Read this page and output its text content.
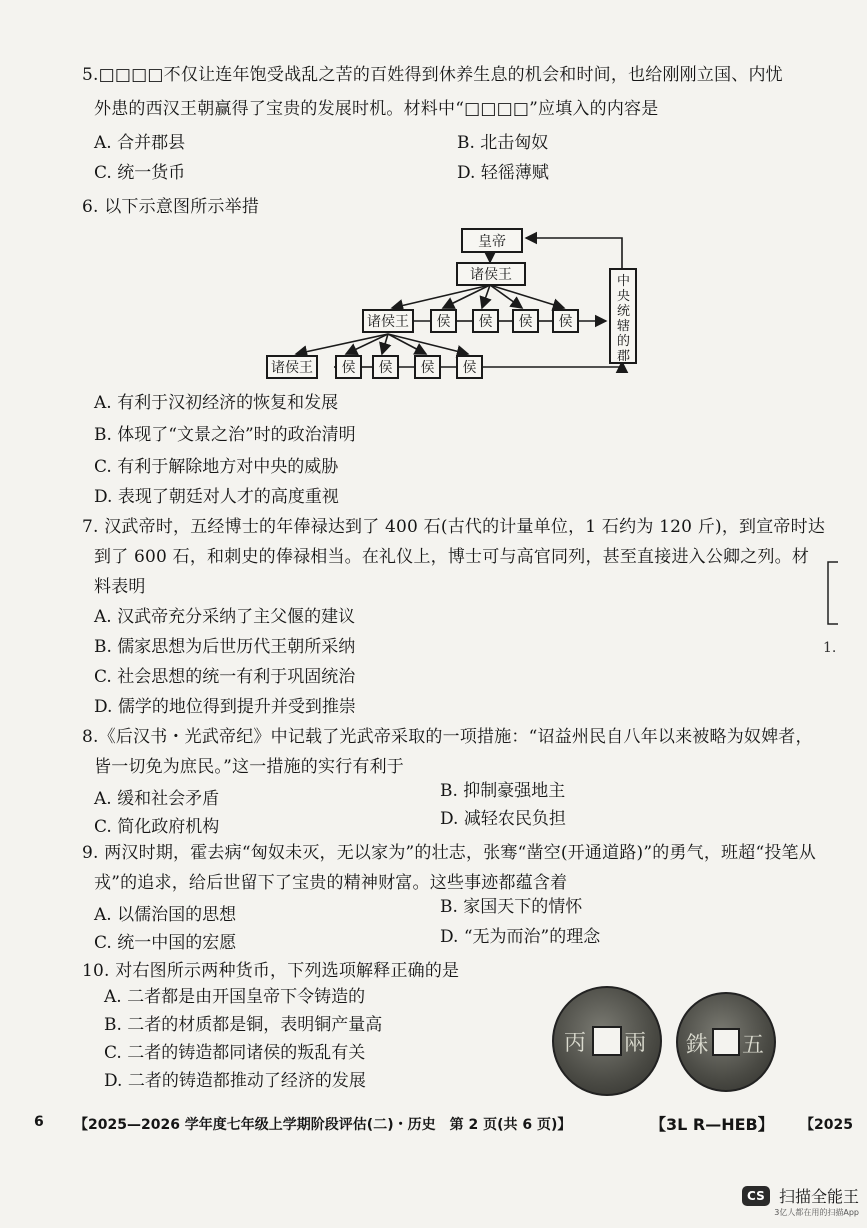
5.□□□□不仅让连年饱受战乱之苦的百姓得到休养生息的机会和时间，也给刚刚立国、内忧
外患的西汉王朝赢得了宝贵的发展时机。材料中“□□□□”应填入的内容是
A. 合并郡县	B. 北击匈奴
C. 统一货币	D. 轻徭薄赋
6. 以下示意图所示举措
皇帝
诸侯王
诸侯王	侯	侯	侯	侯
诸侯王	侯	侯	侯	侯
中央统辖的郡
A. 有利于汉初经济的恢复和发展
B. 体现了“文景之治”时的政治清明
C. 有利于解除地方对中央的威胁
D. 表现了朝廷对人才的高度重视
7. 汉武帝时，五经博士的年俸禄达到了 400 石(古代的计量单位，1 石约为 120 斤)，到宣帝时达
到了 600 石，和刺史的俸禄相当。在礼仪上，博士可与高官同列，甚至直接进入公卿之列。材
料表明
A. 汉武帝充分采纳了主父偃的建议
B. 儒家思想为后世历代王朝所采纳
C. 社会思想的统一有利于巩固统治
D. 儒学的地位得到提升并受到推崇
8.《后汉书・光武帝纪》中记载了光武帝采取的一项措施：“诏益州民自八年以来被略为奴婢者，
皆一切免为庶民。”这一措施的实行有利于
A. 缓和社会矛盾	B. 抑制豪强地主
C. 简化政府机构	D. 减轻农民负担
9. 两汉时期，霍去病“匈奴未灭，无以家为”的壮志，张骞“凿空(开通道路)”的勇气，班超“投笔从
戎”的追求，给后世留下了宝贵的精神财富。这些事迹都蕴含着
A. 以儒治国的思想	B. 家国天下的情怀
C. 统一中国的宏愿	D. “无为而治”的理念
10. 对右图所示两种货币，下列选项解释正确的是
A. 二者都是由开国皇帝下令铸造的
B. 二者的材质都是铜，表明铜产量高
C. 二者的铸造都同诸侯的叛乱有关
D. 二者的铸造都推动了经济的发展
丙 兩 銖 五
1.
6 【2025—2026 学年度七年级上学期阶段评估(二)・历史　第 2 页(共 6 页)】	【3L R—HEB】 【2025
CS 扫描全能王
3亿人都在用的扫描App
